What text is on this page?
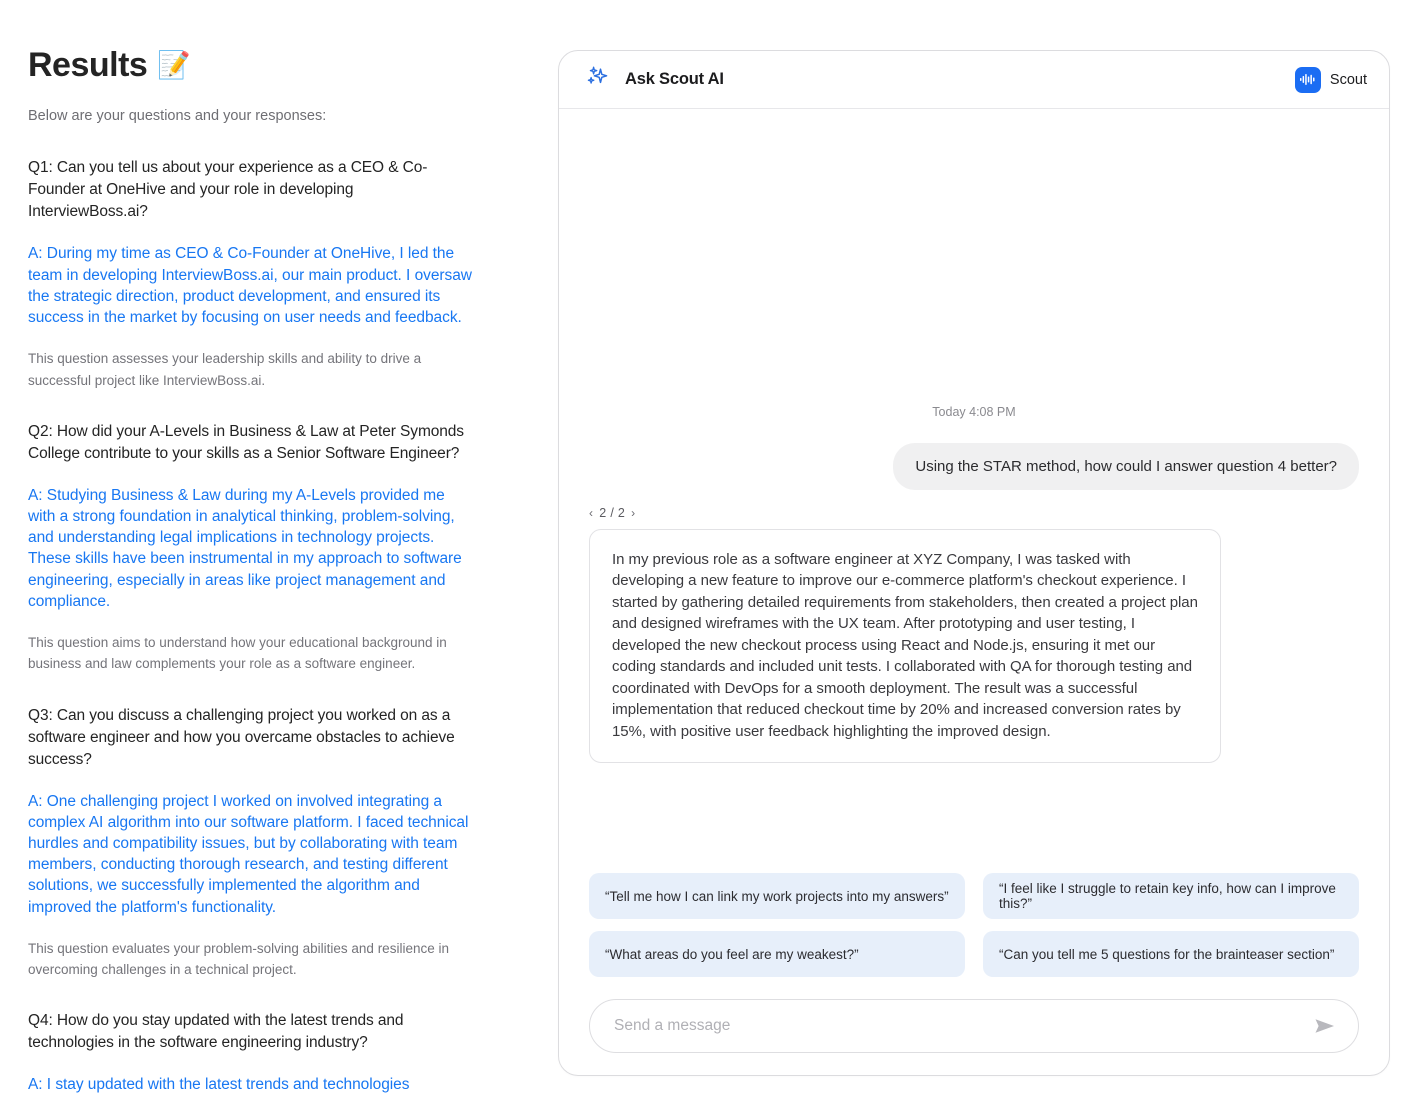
Results 📝
Below are your questions and your responses:
Q1: Can you tell us about your experience as a CEO & Co-Founder at OneHive and your role in developing InterviewBoss.ai?
A: During my time as CEO & Co-Founder at OneHive, I led the team in developing InterviewBoss.ai, our main product. I oversaw the strategic direction, product development, and ensured its success in the market by focusing on user needs and feedback.
This question assesses your leadership skills and ability to drive a successful project like InterviewBoss.ai.
Q2: How did your A-Levels in Business & Law at Peter Symonds College contribute to your skills as a Senior Software Engineer?
A: Studying Business & Law during my A-Levels provided me with a strong foundation in analytical thinking, problem-solving, and understanding legal implications in technology projects. These skills have been instrumental in my approach to software engineering, especially in areas like project management and compliance.
This question aims to understand how your educational background in business and law complements your role as a software engineer.
Q3: Can you discuss a challenging project you worked on as a software engineer and how you overcame obstacles to achieve success?
A: One challenging project I worked on involved integrating a complex AI algorithm into our software platform. I faced technical hurdles and compatibility issues, but by collaborating with team members, conducting thorough research, and testing different solutions, we successfully implemented the algorithm and improved the platform's functionality.
This question evaluates your problem-solving abilities and resilience in overcoming challenges in a technical project.
Q4: How do you stay updated with the latest trends and technologies in the software engineering industry?
A: I stay updated with the latest trends and technologies
Ask Scout AI	Scout
Today 4:08 PM
Using the STAR method, how could I answer question 4 better?
‹ 2 / 2 ›
In my previous role as a software engineer at XYZ Company, I was tasked with developing a new feature to improve our e-commerce platform's checkout experience. I started by gathering detailed requirements from stakeholders, then created a project plan and designed wireframes with the UX team. After prototyping and user testing, I developed the new checkout process using React and Node.js, ensuring it met our coding standards and included unit tests. I collaborated with QA for thorough testing and coordinated with DevOps for a smooth deployment. The result was a successful implementation that reduced checkout time by 20% and increased conversion rates by 15%, with positive user feedback highlighting the improved design.
“Tell me how I can link my work projects into my answers”	“I feel like I struggle to retain key info, how can I improve this?”
“What areas do you feel are my weakest?”	“Can you tell me 5 questions for the brainteaser section”
Send a message
